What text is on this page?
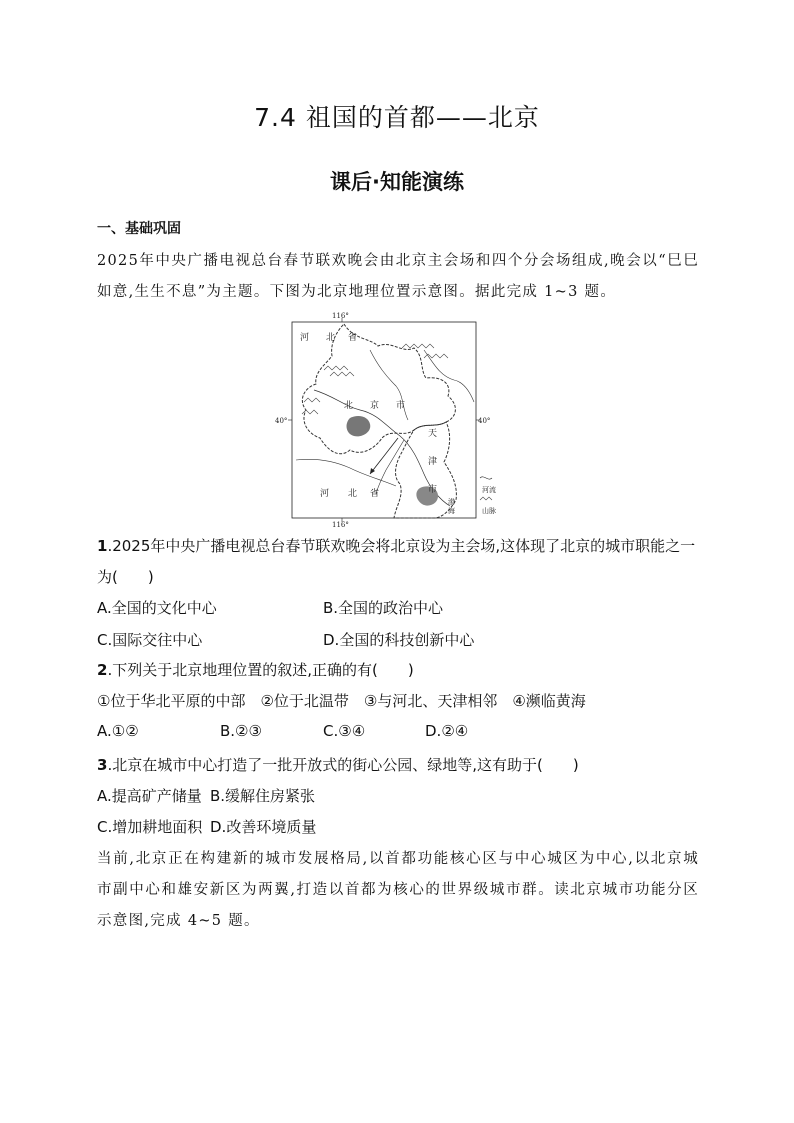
7.4 祖国的首都——北京
课后·知能演练
一、基础巩固
2025年中央广播电视总台春节联欢晚会由北京主会场和四个分会场组成,晚会以“巳巳如意,生生不息”为主题。下图为北京地理位置示意图。据此完成 1~3 题。
116°
116°
40°	40°
河 北 省
北 京 市
天
津
市
河 北 省
渤
海
河流
山脉
1.2025年中央广播电视总台春节联欢晚会将北京设为主会场,这体现了北京的城市职能之一为(　　)
A.全国的文化中心	B.全国的政治中心
C.国际交往中心	D.全国的科技创新中心
2.下列关于北京地理位置的叙述,正确的有(　　)
①位于华北平原的中部　②位于北温带　③与河北、天津相邻　④濒临黄海
A.①②	B.②③	C.③④	D.②④
3.北京在城市中心打造了一批开放式的街心公园、绿地等,这有助于(　　)
A.提高矿产储量 B.缓解住房紧张
C.增加耕地面积 D.改善环境质量
当前,北京正在构建新的城市发展格局,以首都功能核心区与中心城区为中心,以北京城市副中心和雄安新区为两翼,打造以首都为核心的世界级城市群。读北京城市功能分区示意图,完成 4~5 题。
